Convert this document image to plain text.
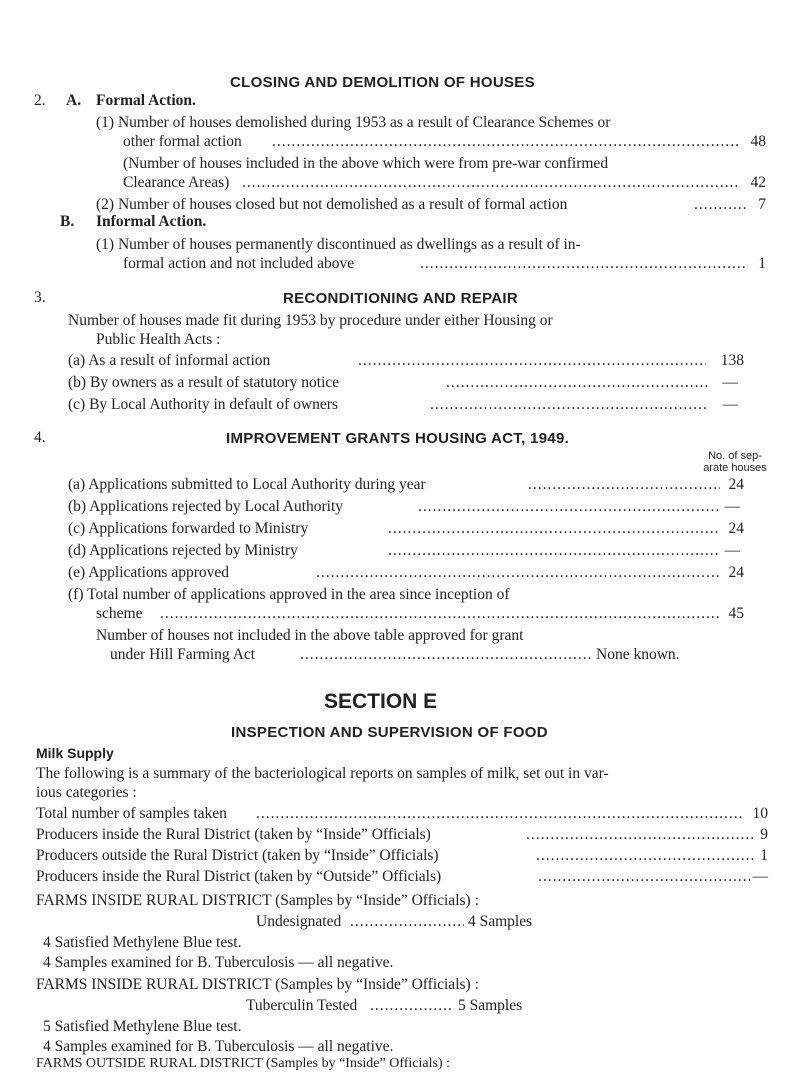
CLOSING AND DEMOLITION OF HOUSES
2. A. Formal Action.
(1) Number of houses demolished during 1953 as a result of Clearance Schemes or
other formal action .....	48
(Number of houses included in the above which were from pre-war confirmed
Clearance Areas) .....	42
(2) Number of houses closed but not demolished as a result of formal action .....	7
B. Informal Action.
(1) Number of houses permanently discontinued as dwellings as a result of in-
formal action and not included above .....	1
3.	RECONDITIONING AND REPAIR
Number of houses made fit during 1953 by procedure under either Housing or
Public Health Acts :
(a) As a result of informal action .....	138
(b) By owners as a result of statutory notice .....	—
(c) By Local Authority in default of owners .....	—
4.	IMPROVEMENT GRANTS HOUSING ACT, 1949.
No. of sep-
arate houses
(a) Applications submitted to Local Authority during year .....	24
(b) Applications rejected by Local Authority .....	—
(c) Applications forwarded to Ministry .....	24
(d) Applications rejected by Ministry .....	—
(e) Applications approved .....	24
(f) Total number of applications approved in the area since inception of
scheme .....	45
Number of houses not included in the above table approved for grant
under Hill Farming Act .....	None known.
SECTION E
INSPECTION AND SUPERVISION OF FOOD
Milk Supply
The following is a summary of the bacteriological reports on samples of milk, set out in var-
ious categories :
Total number of samples taken .....	10
Producers inside the Rural District (taken by “Inside” Officials) .....	9
Producers outside the Rural District (taken by “Inside” Officials) .....	1
Producers inside the Rural District (taken by “Outside” Officials) .....	—
FARMS INSIDE RURAL DISTRICT (Samples by “Inside” Officials) :
Undesignated .....	4 Samples
4 Satisfied Methylene Blue test.
4 Samples examined for B. Tuberculosis — all negative.
FARMS INSIDE RURAL DISTRICT (Samples by “Inside” Officials) :
Tuberculin Tested .....	5 Samples
5 Satisfied Methylene Blue test.
4 Samples examined for B. Tuberculosis — all negative.
FARMS OUTSIDE RURAL DISTRICT (Samples by “Inside” Officials) :
